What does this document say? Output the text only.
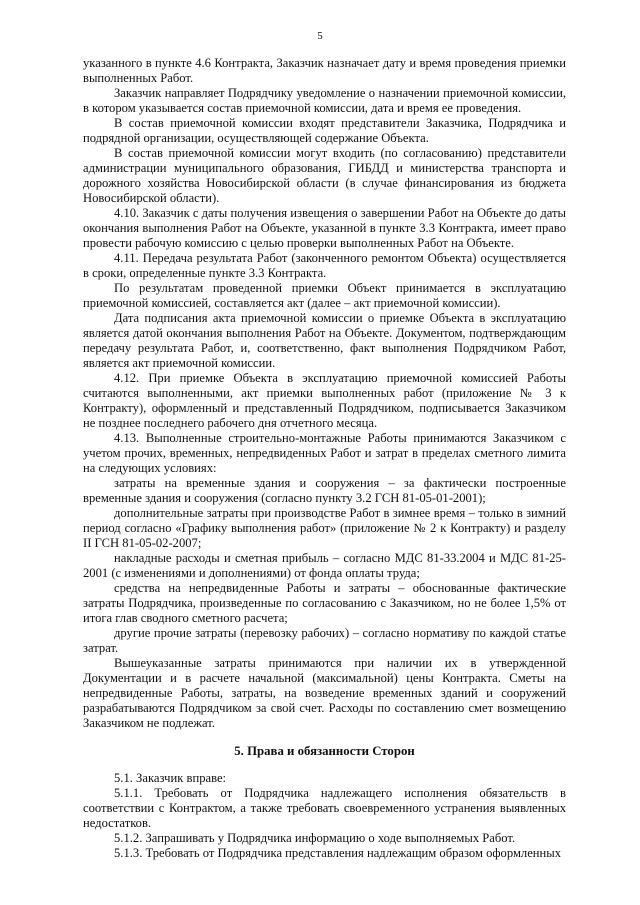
5

указанного в пункте 4.6 Контракта, Заказчик назначает дату и время проведения приемки выполненных Работ.

Заказчик направляет Подрядчику уведомление о назначении приемочной комиссии, в котором указывается состав приемочной комиссии, дата и время ее проведения.

В состав приемочной комиссии входят представители Заказчика, Подрядчика и подрядной организации, осуществляющей содержание Объекта.

В состав приемочной комиссии могут входить (по согласованию) представители администрации муниципального образования, ГИБДД и министерства транспорта и дорожного хозяйства Новосибирской области (в случае финансирования из бюджета Новосибирской области).

4.10. Заказчик с даты получения извещения о завершении Работ на Объекте до даты окончания выполнения Работ на Объекте, указанной в пункте 3.3 Контракта, имеет право провести рабочую комиссию с целью проверки выполненных Работ на Объекте.

4.11. Передача результата Работ (законченного ремонтом Объекта) осуществляется в сроки, определенные пункте 3.3 Контракта.

По результатам проведенной приемки Объект принимается в эксплуатацию приемочной комиссией, составляется акт (далее – акт приемочной комиссии).

Дата подписания акта приемочной комиссии о приемке Объекта в эксплуатацию является датой окончания выполнения Работ на Объекте. Документом, подтверждающим передачу результата Работ, и, соответственно, факт выполнения Подрядчиком Работ, является акт приемочной комиссии.

4.12. При приемке Объекта в эксплуатацию приемочной комиссией Работы считаются выполненными, акт приемки выполненных работ (приложение № 3 к Контракту), оформленный и представленный Подрядчиком, подписывается Заказчиком не позднее последнего рабочего дня отчетного месяца.

4.13. Выполненные строительно-монтажные Работы принимаются Заказчиком с учетом прочих, временных, непредвиденных Работ и затрат в пределах сметного лимита на следующих условиях:

затраты на временные здания и сооружения – за фактически построенные временные здания и сооружения (согласно пункту 3.2 ГСН 81-05-01-2001);

дополнительные затраты при производстве Работ в зимнее время – только в зимний период согласно «Графику выполнения работ» (приложение № 2 к Контракту) и разделу II ГСН 81-05-02-2007;

накладные расходы и сметная прибыль – согласно МДС 81-33.2004 и МДС 81-25-2001 (с изменениями и дополнениями) от фонда оплаты труда;

средства на непредвиденные Работы и затраты – обоснованные фактические затраты Подрядчика, произведенные по согласованию с Заказчиком, но не более 1,5% от итога глав сводного сметного расчета;

другие прочие затраты (перевозку рабочих) – согласно нормативу по каждой статье затрат.

Вышеуказанные затраты принимаются при наличии их в утвержденной Документации и в расчете начальной (максимальной) цены Контракта. Сметы на непредвиденные Работы, затраты, на возведение временных зданий и сооружений разрабатываются Подрядчиком за свой счет. Расходы по составлению смет возмещению Заказчиком не подлежат.

5. Права и обязанности Сторон

5.1. Заказчик вправе:

5.1.1. Требовать от Подрядчика надлежащего исполнения обязательств в соответствии с Контрактом, а также требовать своевременного устранения выявленных недостатков.

5.1.2. Запрашивать у Подрядчика информацию о ходе выполняемых Работ.

5.1.3. Требовать от Подрядчика представления надлежащим образом оформленных
